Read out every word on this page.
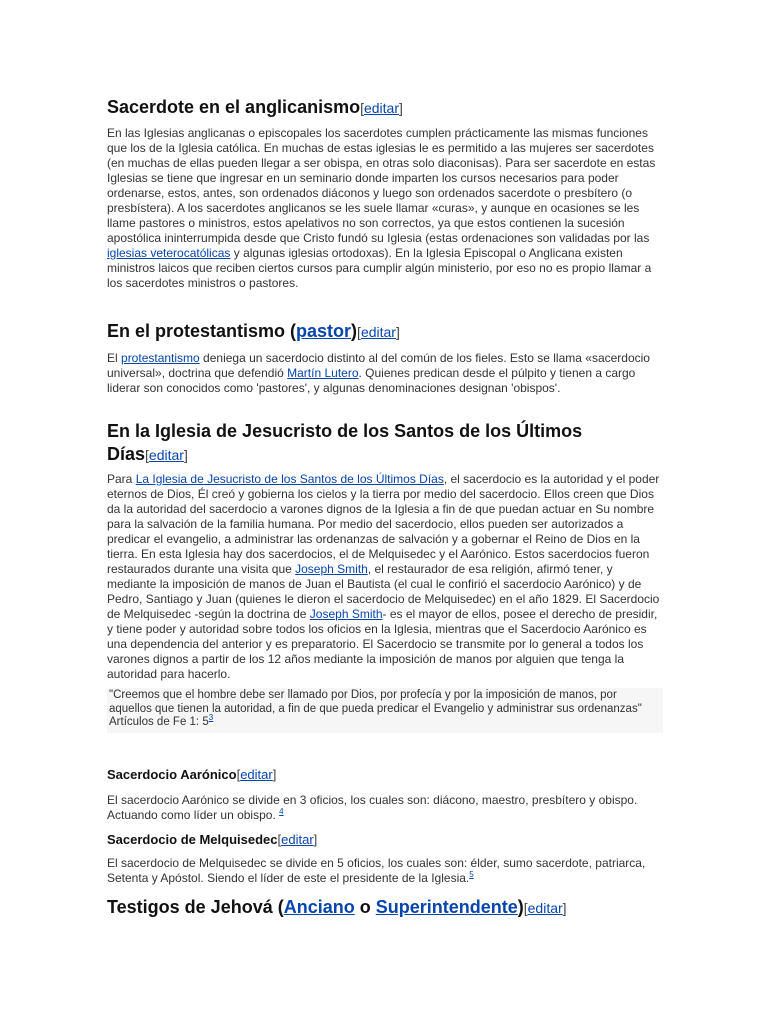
Sacerdote en el anglicanismo[editar]

En las Iglesias anglicanas o episcopales los sacerdotes cumplen prácticamente las mismas funciones que los de la Iglesia católica. En muchas de estas iglesias le es permitido a las mujeres ser sacerdotes (en muchas de ellas pueden llegar a ser obispa, en otras solo diaconisas). Para ser sacerdote en estas Iglesias se tiene que ingresar en un seminario donde imparten los cursos necesarios para poder ordenarse, estos, antes, son ordenados diáconos y luego son ordenados sacerdote o presbítero (o presbístera). A los sacerdotes anglicanos se les suele llamar «curas», y aunque en ocasiones se les llame pastores o ministros, estos apelativos no son correctos, ya que estos contienen la sucesión apostólica ininterrumpida desde que Cristo fundó su Iglesia (estas ordenaciones son validadas por las iglesias veterocatólicas y algunas iglesias ortodoxas). En la Iglesia Episcopal o Anglicana existen ministros laicos que reciben ciertos cursos para cumplir algún ministerio, por eso no es propio llamar a los sacerdotes ministros o pastores.

En el protestantismo (pastor)[editar]

El protestantismo deniega un sacerdocio distinto al del común de los fieles. Esto se llama «sacerdocio universal», doctrina que defendió Martín Lutero. Quienes predican desde el púlpito y tienen a cargo liderar son conocidos como 'pastores', y algunas denominaciones designan 'obispos'.

En la Iglesia de Jesucristo de los Santos de los Últimos Días[editar]

Para La Iglesia de Jesucristo de los Santos de los Últimos Días, el sacerdocio es la autoridad y el poder eternos de Dios, Él creó y gobierna los cielos y la tierra por medio del sacerdocio. Ellos creen que Dios da la autoridad del sacerdocio a varones dignos de la Iglesia a fin de que puedan actuar en Su nombre para la salvación de la familia humana. Por medio del sacerdocio, ellos pueden ser autorizados a predicar el evangelio, a administrar las ordenanzas de salvación y a gobernar el Reino de Dios en la tierra. En esta Iglesia hay dos sacerdocios, el de Melquisedec y el Aarónico. Estos sacerdocios fueron restaurados durante una visita que Joseph Smith, el restaurador de esa religión, afirmó tener, y mediante la imposición de manos de Juan el Bautista (el cual le confirió el sacerdocio Aarónico) y de Pedro, Santiago y Juan (quienes le dieron el sacerdocio de Melquisedec) en el año 1829. El Sacerdocio de Melquisedec -según la doctrina de Joseph Smith- es el mayor de ellos, posee el derecho de presidir, y tiene poder y autoridad sobre todos los oficios en la Iglesia, mientras que el Sacerdocio Aarónico es una dependencia del anterior y es preparatorio. El Sacerdocio se transmite por lo general a todos los varones dignos a partir de los 12 años mediante la imposición de manos por alguien que tenga la autoridad para hacerlo.

"Creemos que el hombre debe ser llamado por Dios, por profecía y por la imposición de manos, por aquellos que tienen la autoridad, a fin de que pueda predicar el Evangelio y administrar sus ordenanzas"
Artículos de Fe 1: 5$^3$
Sacerdocio Aarónico[editar]

El sacerdocio Aarónico se divide en 3 oficios, los cuales son: diácono, maestro, presbítero y obispo. Actuando como líder un obispo. $^4$

Sacerdocio de Melquisedec[editar]

El sacerdocio de Melquisedec se divide en 5 oficios, los cuales son: élder, sumo sacerdote, patriarca, Setenta y Apóstol. Siendo el líder de este el presidente de la Iglesia.$^5$

Testigos de Jehová (Anciano o Superintendente)[editar]
